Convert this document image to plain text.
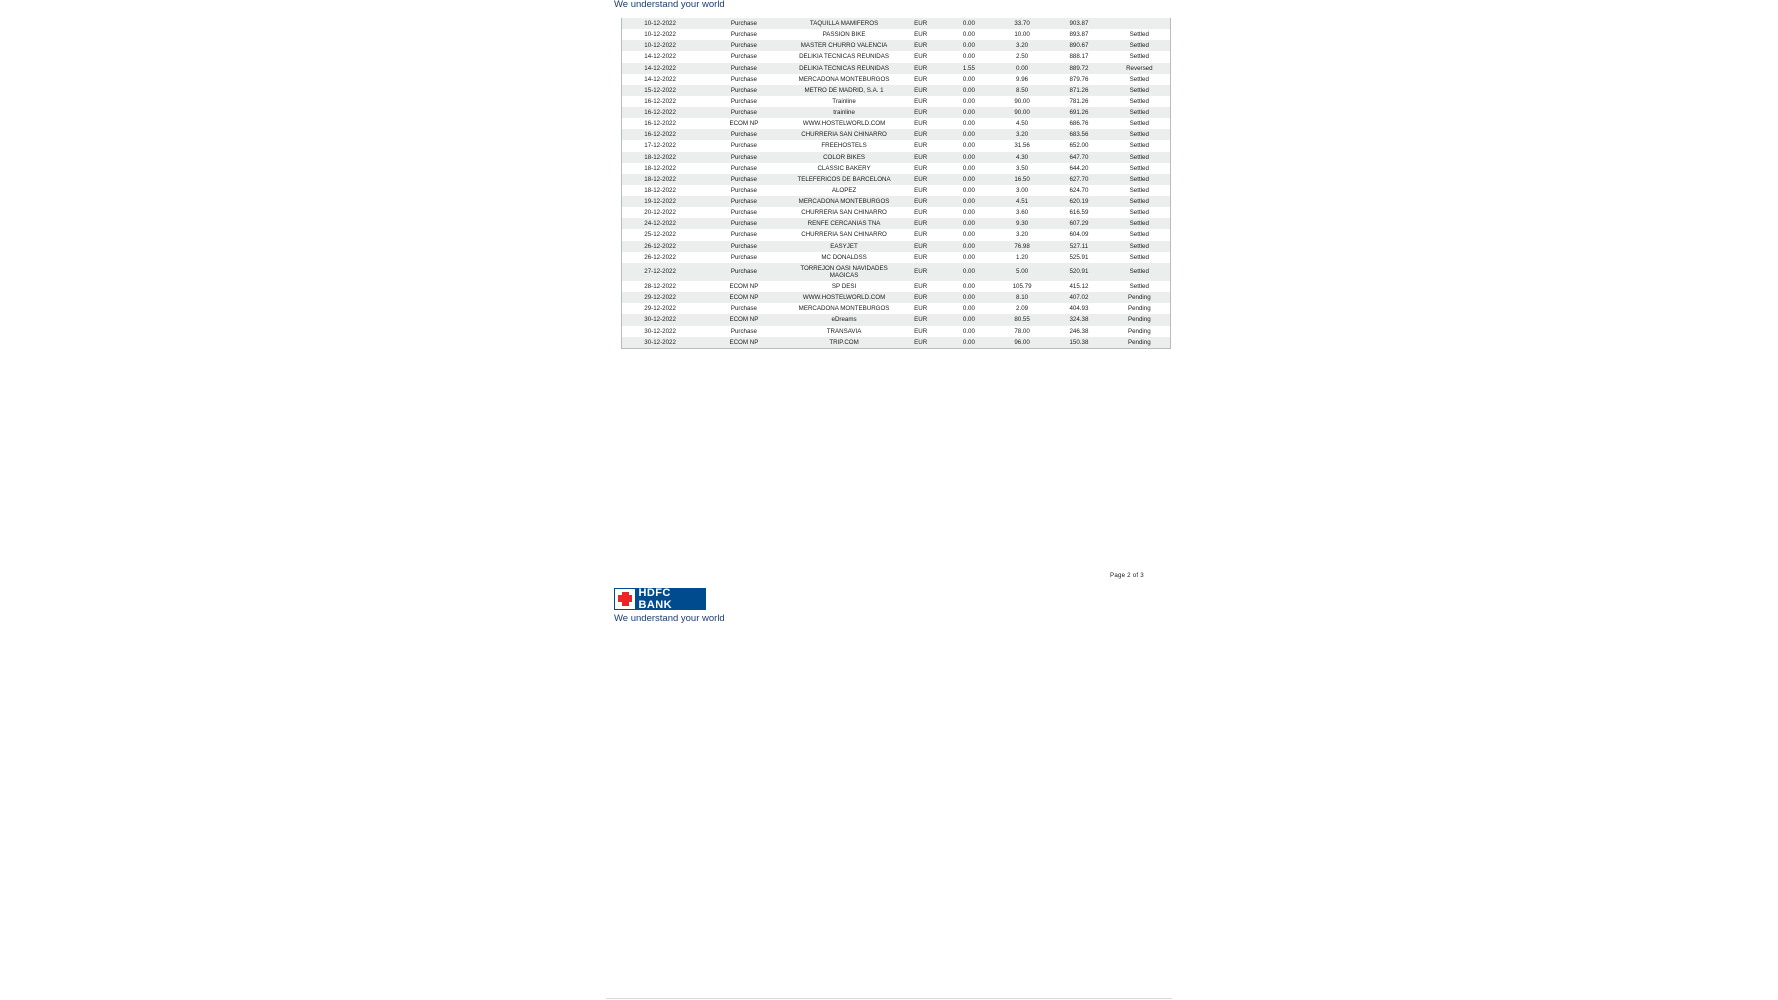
We understand your world
10-12-2022	Purchase	TAQUILLA MAMIFEROS	EUR	0.00	33.70	903.87	
10-12-2022	Purchase	PASSION BIKE	EUR	0.00	10.00	893.87	Settled
10-12-2022	Purchase	MASTER CHURRO VALENCIA	EUR	0.00	3.20	890.67	Settled
14-12-2022	Purchase	DELIKIA TECNICAS REUNIDAS	EUR	0.00	2.50	888.17	Settled
14-12-2022	Purchase	DELIKIA TECNICAS REUNIDAS	EUR	1.55	0.00	889.72	Reversed
14-12-2022	Purchase	MERCADONA MONTEBURGOS	EUR	0.00	9.96	879.76	Settled
15-12-2022	Purchase	METRO DE MADRID, S.A. 1	EUR	0.00	8.50	871.26	Settled
16-12-2022	Purchase	Trainline	EUR	0.00	90.00	781.26	Settled
16-12-2022	Purchase	trainline	EUR	0.00	90.00	691.26	Settled
16-12-2022	ECOM NP	WWW.HOSTELWORLD.COM	EUR	0.00	4.50	686.76	Settled
16-12-2022	Purchase	CHURRERIA SAN CHINARRO	EUR	0.00	3.20	683.56	Settled
17-12-2022	Purchase	FREEHOSTELS	EUR	0.00	31.56	652.00	Settled
18-12-2022	Purchase	COLOR BIKES	EUR	0.00	4.30	647.70	Settled
18-12-2022	Purchase	CLASSIC BAKERY	EUR	0.00	3.50	644.20	Settled
18-12-2022	Purchase	TELEFERICOS DE BARCELONA	EUR	0.00	16.50	627.70	Settled
18-12-2022	Purchase	ALOPEZ	EUR	0.00	3.00	624.70	Settled
19-12-2022	Purchase	MERCADONA MONTEBURGOS	EUR	0.00	4.51	620.19	Settled
20-12-2022	Purchase	CHURRERIA SAN CHINARRO	EUR	0.00	3.60	616.59	Settled
24-12-2022	Purchase	RENFE CERCANIAS TNA	EUR	0.00	9.30	607.29	Settled
25-12-2022	Purchase	CHURRERIA SAN CHINARRO	EUR	0.00	3.20	604.09	Settled
26-12-2022	Purchase	EASYJET	EUR	0.00	76.98	527.11	Settled
26-12-2022	Purchase	MC DONALDSS	EUR	0.00	1.20	525.91	Settled
27-12-2022	Purchase	TORREJON OASI NAVIDADES MAGICAS	EUR	0.00	5.00	520.91	Settled
28-12-2022	ECOM NP	SP DESI	EUR	0.00	105.79	415.12	Settled
29-12-2022	ECOM NP	WWW.HOSTELWORLD.COM	EUR	0.00	8.10	407.02	Pending
29-12-2022	Purchase	MERCADONA MONTEBURGOS	EUR	0.00	2.09	404.93	Pending
30-12-2022	ECOM NP	eDreams	EUR	0.00	80.55	324.38	Pending
30-12-2022	Purchase	TRANSAVIA	EUR	0.00	78.00	246.38	Pending
30-12-2022	ECOM NP	TRIP.COM	EUR	0.00	96.00	150.38	Pending
Page 2 of 3
HDFC BANK
We understand your world
